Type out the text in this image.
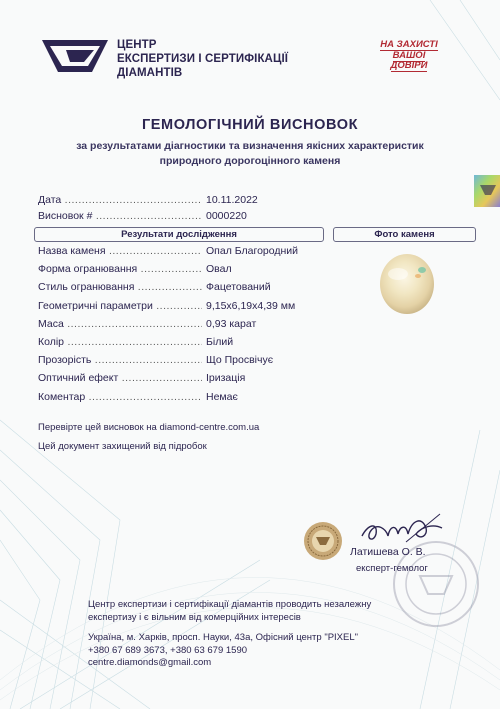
ЦЕНТР
ЕКСПЕРТИЗИ І СЕРТИФІКАЦІЇ
ДІАМАНТІВ
НА ЗАХИСТІ
ВАШОЇ
ДОВІРИ
ГЕМОЛОГІЧНИЙ ВИСНОВОК
за результатами діагностики та визначення якісних характеристик
природного дорогоцінного каменя
Дата .....	10.11.2022
Висновок # .....	0000220
Результати дослідження	Фото каменя
Назва каменя .....	Опал Благородний
Форма огранювання .....	Овал
Стиль огранювання .....	Фацетований
Геометричні параметри .....	9,15х6,19х4,39 мм
Маса .....	0,93 карат
Колір .....	Білий
Прозорість .....	Що Просвічує
Оптичний ефект .....	Іризація
Коментар .....	Немає
Перевірте цей висновок на diamond-centre.com.ua
Цей документ захищений від підробок
Латишева О. В.
експерт-гемолог
Центр експертизи і сертифікації діамантів проводить незалежну
експертизу і є вільним від комерційних інтересів
Україна, м. Харків, просп. Науки, 43а, Офісний центр "PIXEL"
+380 67 689 3673, +380 63 679 1590
centre.diamonds@gmail.com
